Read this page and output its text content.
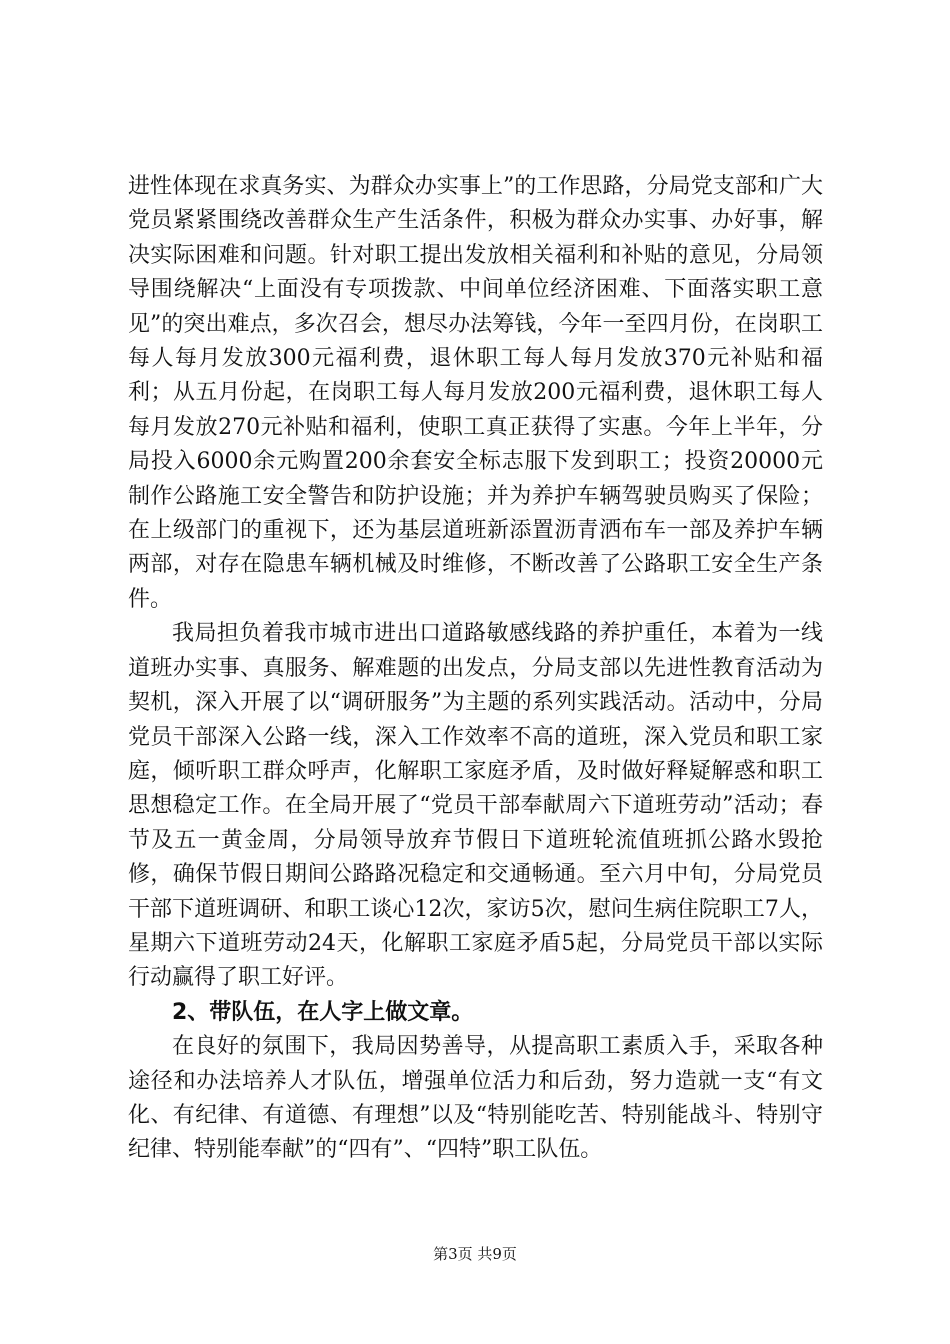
进性体现在求真务实、为群众办实事上”的工作思路，分局党支部和广大党员紧紧围绕改善群众生产生活条件，积极为群众办实事、办好事，解决实际困难和问题。针对职工提出发放相关福利和补贴的意见，分局领导围绕解决“上面没有专项拨款、中间单位经济困难、下面落实职工意见”的突出难点，多次召会，想尽办法筹钱，今年一至四月份，在岗职工每人每月发放300元福利费，退休职工每人每月发放370元补贴和福利；从五月份起，在岗职工每人每月发放200元福利费，退休职工每人每月发放270元补贴和福利，使职工真正获得了实惠。今年上半年，分局投入6000余元购置200余套安全标志服下发到职工；投资20000元制作公路施工安全警告和防护设施；并为养护车辆驾驶员购买了保险；在上级部门的重视下，还为基层道班新添置沥青洒布车一部及养护车辆两部，对存在隐患车辆机械及时维修，不断改善了公路职工安全生产条件。

我局担负着我市城市进出口道路敏感线路的养护重任，本着为一线道班办实事、真服务、解难题的出发点，分局支部以先进性教育活动为契机，深入开展了以“调研服务”为主题的系列实践活动。活动中，分局党员干部深入公路一线，深入工作效率不高的道班，深入党员和职工家庭，倾听职工群众呼声，化解职工家庭矛盾，及时做好释疑解惑和职工思想稳定工作。在全局开展了“党员干部奉献周六下道班劳动”活动；春节及五一黄金周，分局领导放弃节假日下道班轮流值班抓公路水毁抢修，确保节假日期间公路路况稳定和交通畅通。至六月中旬，分局党员干部下道班调研、和职工谈心12次，家访5次，慰问生病住院职工7人，星期六下道班劳动24天，化解职工家庭矛盾5起，分局党员干部以实际行动赢得了职工好评。

2、带队伍，在人字上做文章。

在良好的氛围下，我局因势善导，从提高职工素质入手，采取各种途径和办法培养人才队伍，增强单位活力和后劲，努力造就一支“有文化、有纪律、有道德、有理想”以及“特别能吃苦、特别能战斗、特别守纪律、特别能奉献”的“四有”、“四特”职工队伍。

第3页 共9页
